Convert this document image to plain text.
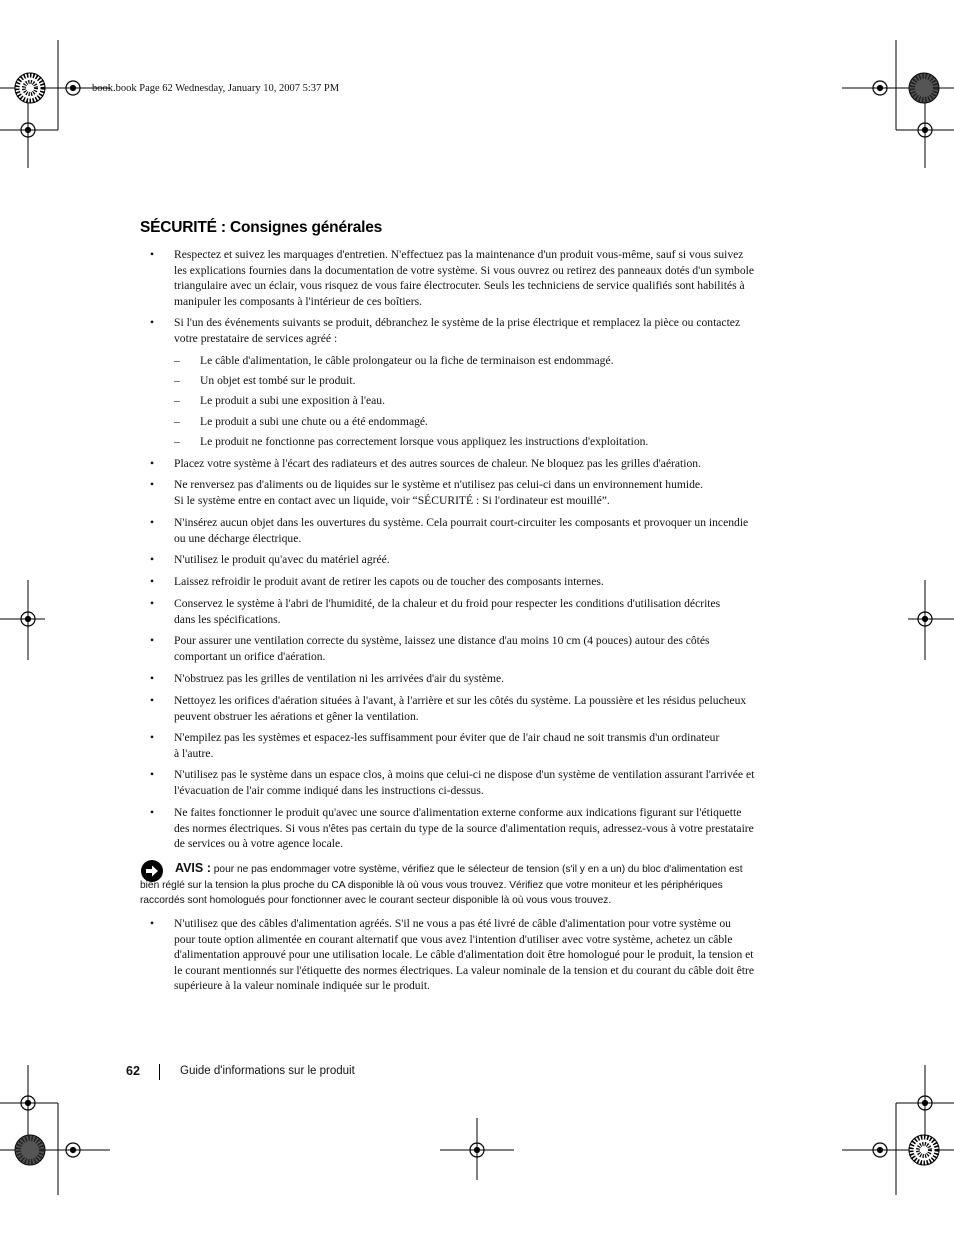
book.book Page 62 Wednesday, January 10, 2007 5:37 PM
SÉCURITÉ : Consignes générales
• Respectez et suivez les marquages d'entretien. N'effectuez pas la maintenance d'un produit vous-même, sauf si vous suivez
les explications fournies dans la documentation de votre système. Si vous ouvrez ou retirez des panneaux dotés d'un symbole
triangulaire avec un éclair, vous risquez de vous faire électrocuter. Seuls les techniciens de service qualifiés sont habilités à
manipuler les composants à l'intérieur de ces boîtiers.
• Si l'un des événements suivants se produit, débranchez le système de la prise électrique et remplacez la pièce ou contactez
votre prestataire de services agréé :
– Le câble d'alimentation, le câble prolongateur ou la fiche de terminaison est endommagé.
– Un objet est tombé sur le produit.
– Le produit a subi une exposition à l'eau.
– Le produit a subi une chute ou a été endommagé.
– Le produit ne fonctionne pas correctement lorsque vous appliquez les instructions d'exploitation.
• Placez votre système à l'écart des radiateurs et des autres sources de chaleur. Ne bloquez pas les grilles d'aération.
• Ne renversez pas d'aliments ou de liquides sur le système et n'utilisez pas celui-ci dans un environnement humide.
Si le système entre en contact avec un liquide, voir “SÉCURITÉ : Si l'ordinateur est mouillé”.
• N'insérez aucun objet dans les ouvertures du système. Cela pourrait court-circuiter les composants et provoquer un incendie
ou une décharge électrique.
• N'utilisez le produit qu'avec du matériel agréé.
• Laissez refroidir le produit avant de retirer les capots ou de toucher des composants internes.
• Conservez le système à l'abri de l'humidité, de la chaleur et du froid pour respecter les conditions d'utilisation décrites
dans les spécifications.
• Pour assurer une ventilation correcte du système, laissez une distance d'au moins 10 cm (4 pouces) autour des côtés
comportant un orifice d'aération.
• N'obstruez pas les grilles de ventilation ni les arrivées d'air du système.
• Nettoyez les orifices d'aération situées à l'avant, à l'arrière et sur les côtés du système. La poussière et les résidus pelucheux
peuvent obstruer les aérations et gêner la ventilation.
• N'empilez pas les systèmes et espacez-les suffisamment pour éviter que de l'air chaud ne soit transmis d'un ordinateur
à l'autre.
• N'utilisez pas le système dans un espace clos, à moins que celui-ci ne dispose d'un système de ventilation assurant l'arrivée et
l'évacuation de l'air comme indiqué dans les instructions ci-dessus.
• Ne faites fonctionner le produit qu'avec une source d'alimentation externe conforme aux indications figurant sur l'étiquette
des normes électriques. Si vous n'êtes pas certain du type de la source d'alimentation requis, adressez-vous à votre prestataire
de services ou à votre agence locale.
AVIS : pour ne pas endommager votre système, vérifiez que le sélecteur de tension (s'il y en a un) du bloc d'alimentation est
bien réglé sur la tension la plus proche du CA disponible là où vous vous trouvez. Vérifiez que votre moniteur et les périphériques
raccordés sont homologués pour fonctionner avec le courant secteur disponible là où vous vous trouvez.
• N'utilisez que des câbles d'alimentation agréés. S'il ne vous a pas été livré de câble d'alimentation pour votre système ou
pour toute option alimentée en courant alternatif que vous avez l'intention d'utiliser avec votre système, achetez un câble
d'alimentation approuvé pour une utilisation locale. Le câble d'alimentation doit être homologué pour le produit, la tension et
le courant mentionnés sur l'étiquette des normes électriques. La valeur nominale de la tension et du courant du câble doit être
supérieure à la valeur nominale indiquée sur le produit.
62	Guide d'informations sur le produit
